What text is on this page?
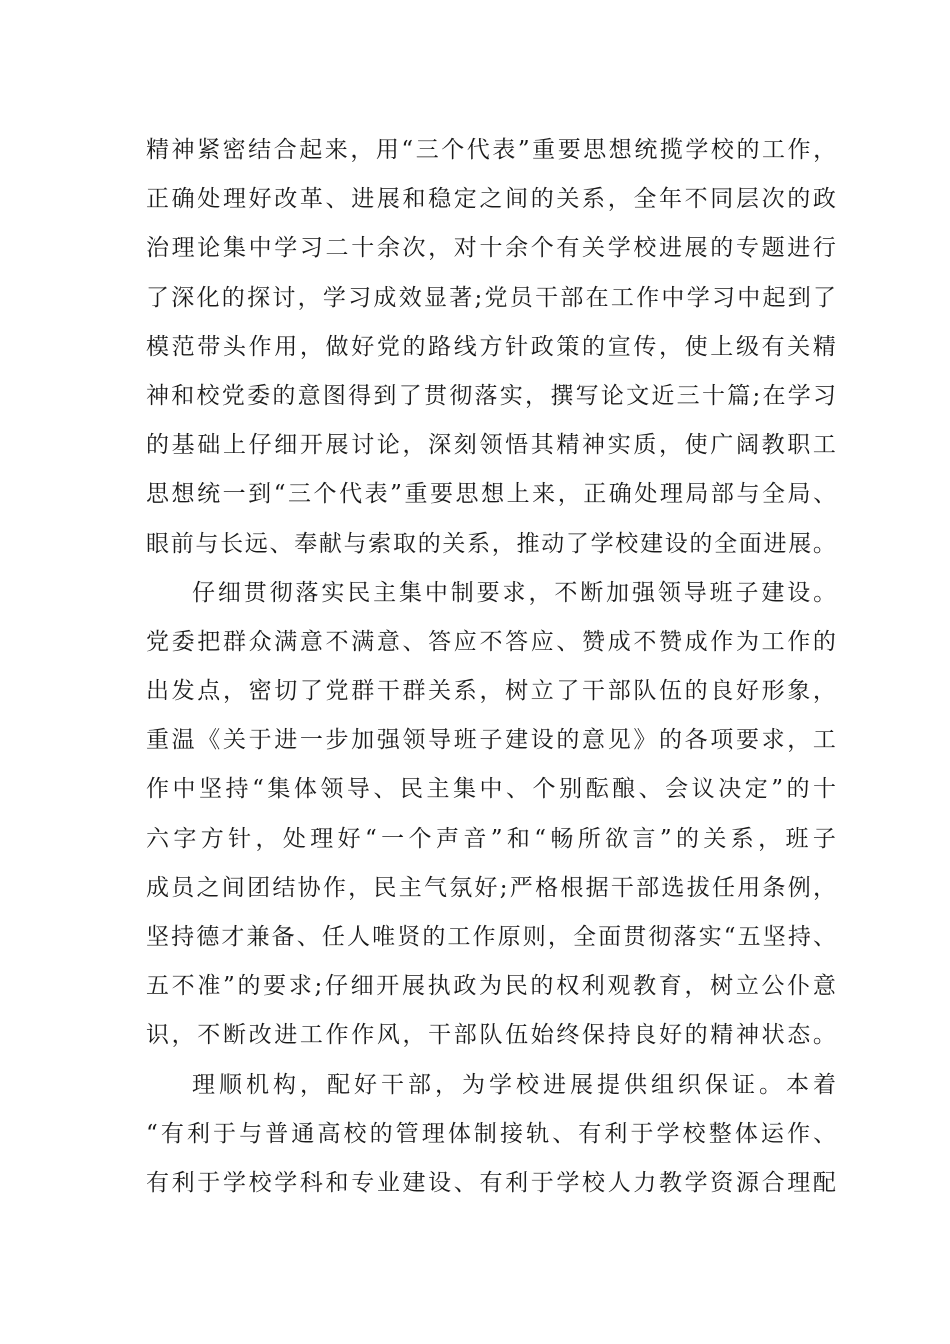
精神紧密结合起来，用“三个代表”重要思想统揽学校的工作，
正确处理好改革、进展和稳定之间的关系，全年不同层次的政
治理论集中学习二十余次，对十余个有关学校进展的专题进行
了深化的探讨，学习成效显著;党员干部在工作中学习中起到了
模范带头作用，做好党的路线方针政策的宣传，使上级有关精
神和校党委的意图得到了贯彻落实，撰写论文近三十篇;在学习
的基础上仔细开展讨论，深刻领悟其精神实质，使广阔教职工
思想统一到“三个代表”重要思想上来，正确处理局部与全局、
眼前与长远、奉献与索取的关系，推动了学校建设的全面进展。
仔细贯彻落实民主集中制要求，不断加强领导班子建设。
党委把群众满意不满意、答应不答应、赞成不赞成作为工作的
出发点，密切了党群干群关系，树立了干部队伍的良好形象，
重温《关于进一步加强领导班子建设的意见》的各项要求，工
作中坚持“集体领导、民主集中、个别酝酿、会议决定”的十
六字方针，处理好“一个声音”和“畅所欲言”的关系，班子
成员之间团结协作，民主气氛好;严格根据干部选拔任用条例，
坚持德才兼备、任人唯贤的工作原则，全面贯彻落实“五坚持、
五不准”的要求;仔细开展执政为民的权利观教育，树立公仆意
识，不断改进工作作风，干部队伍始终保持良好的精神状态。
理顺机构，配好干部，为学校进展提供组织保证。本着
“有利于与普通高校的管理体制接轨、有利于学校整体运作、
有利于学校学科和专业建设、有利于学校人力教学资源合理配
